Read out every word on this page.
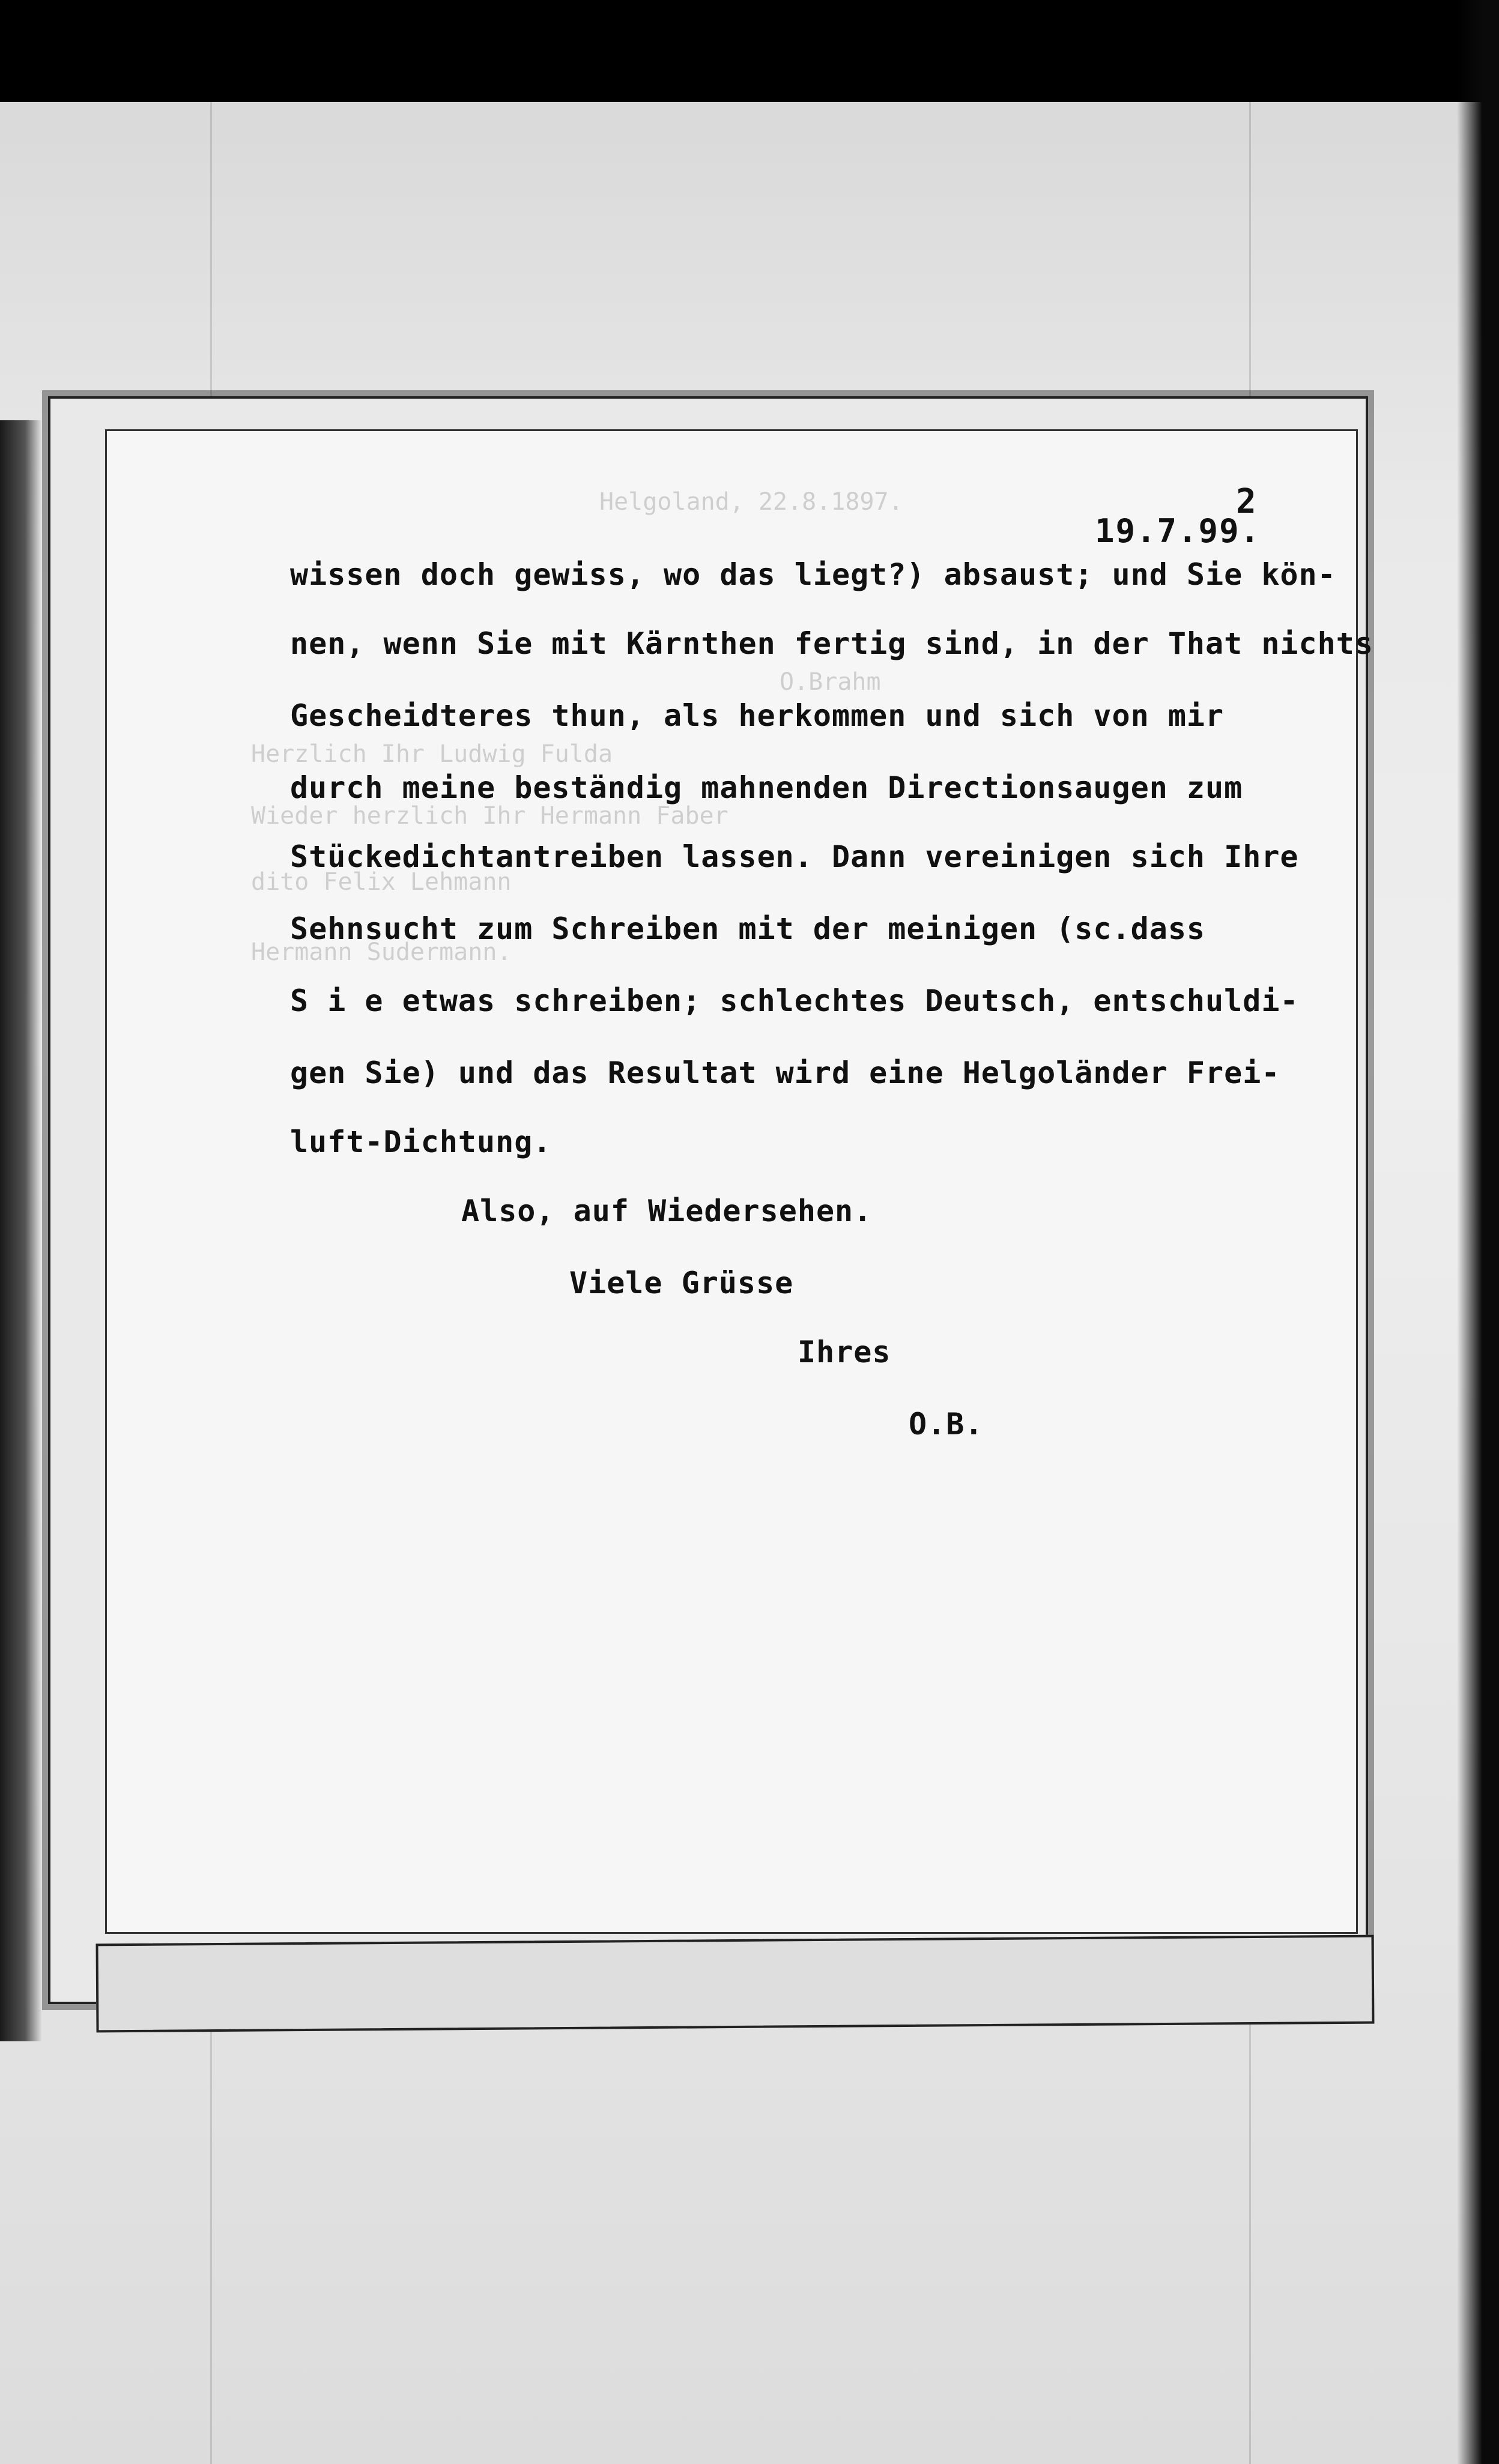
Helgoland, 22.8.1897.
O.Brahm
Herzlich Ihr Ludwig Fulda
Wieder herzlich Ihr Hermann Faber
dito Felix Lehmann
Hermann Sudermann.
2
19.7.99.
wissen doch gewiss, wo das liegt?) absaust; und Sie kön-
nen, wenn Sie mit Kärnthen fertig sind, in der That nichts
Gescheidteres thun, als herkommen und sich von mir
durch meine beständig mahnenden Directionsaugen zum
Stückedichtantreiben lassen. Dann vereinigen sich Ihre
Sehnsucht zum Schreiben mit der meinigen (sc.dass
S i e etwas schreiben; schlechtes Deutsch, entschuldi-
gen Sie) und das Resultat wird eine Helgoländer Frei-
luft-Dichtung.
Also, auf Wiedersehen.
Viele Grüsse
Ihres
O.B.
